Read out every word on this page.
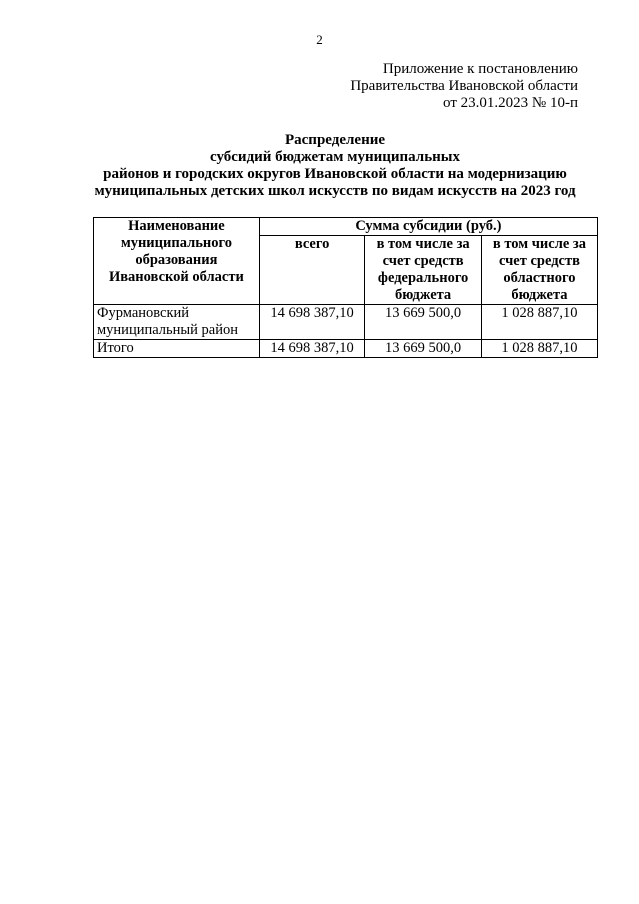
2
Приложение к постановлению
Правительства Ивановской области
от 23.01.2023 № 10-п
Распределение
субсидий бюджетам муниципальных
районов и городских округов Ивановской области на модернизацию
муниципальных детских школ искусств по видам искусств на 2023 год
Наименование муниципального образования Ивановской области	Сумма субсидии (руб.)		
	всего	в том числе за счет средств федерального бюджета	в том числе за счет средств областного бюджета
Фурмановский муниципальный район	14 698 387,10	13 669 500,0	1 028 887,10
Итого	14 698 387,10	13 669 500,0	1 028 887,10
